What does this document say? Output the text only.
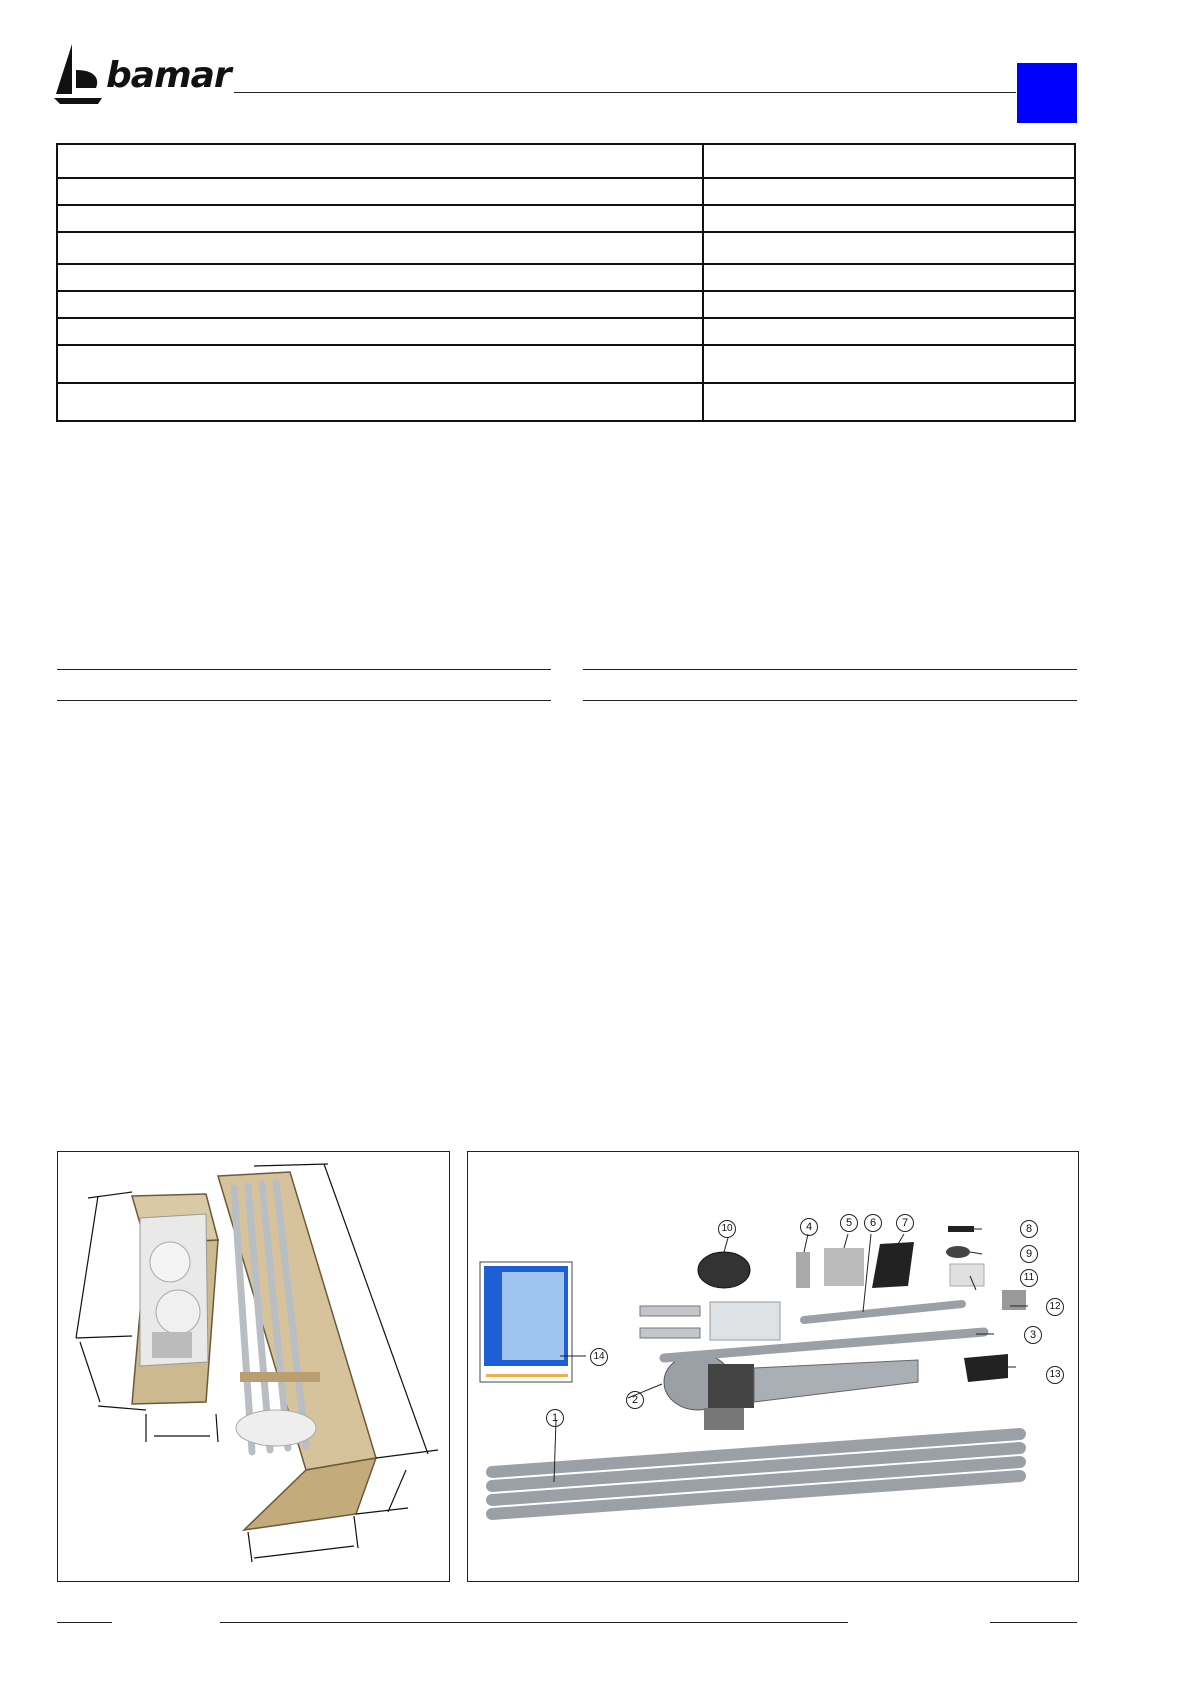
bamar

1
2
3
4	5	6	7	8
9
10
11
12
13
14
